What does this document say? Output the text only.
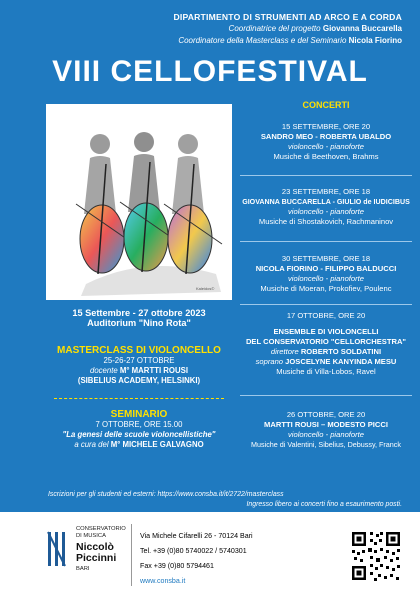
DIPARTIMENTO DI STRUMENTI AD ARCO E A CORDA
Coordinatrice del progetto Giovanna Buccarella
Coordinatore della Masterclass e del Seminario Nicola Fiorino
VIII CELLOFESTIVAL
Kaleidos©
CONCERTI
15 SETTEMBRE, ORE 20
SANDRO MEO - ROBERTA UBALDO
violoncello - pianoforte
Musiche di Beethoven, Brahms
23 SETTEMBRE, ORE 18
GIOVANNA BUCCARELLA - GIULIO de IUDICIBUS
violoncello - pianoforte
Musiche di Shostakovich, Rachmaninov
30 SETTEMBRE, ORE 18
NICOLA FIORINO - FILIPPO BALDUCCI
violoncello - pianoforte
Musiche di Moeran, Prokofiev, Poulenc
17 OTTOBRE, ORE 20
ENSEMBLE DI VIOLONCELLI
DEL CONSERVATORIO "CELLORCHESTRA"
direttore ROBERTO SOLDATINI
soprano JOSCELYNE KANYINDA MESU
Musiche di Villa-Lobos, Ravel
26 OTTOBRE, ORE 20
MARTTI ROUSI – MODESTO PICCI
violoncello - pianoforte
Musiche di Valentini, Sibelius, Debussy, Franck
15 Settembre - 27 ottobre 2023
Auditorium "Nino Rota"
MASTERCLASS DI VIOLONCELLO
25-26-27 OTTOBRE
docente M° MARTTI ROUSI
(SIBELIUS ACADEMY, HELSINKI)
SEMINARIO
7 OTTOBRE, ORE 15.00
"La genesi delle scuole violoncellistiche"
a cura del M° MICHELE GALVAGNO
Iscrizioni per gli studenti ed esterni: https://www.consba.it/it/2722/masterclass
Ingresso libero ai concerti fino a esaurimento posti.
CONSERVATORIO
DI MUSICA
Niccolò
Piccinni
BARI
Via Michele Cifarelli 26 - 70124 Bari
Tel. +39 (0)80 5740022 / 5740301
Fax +39 (0)80 5794461
www.consba.it
